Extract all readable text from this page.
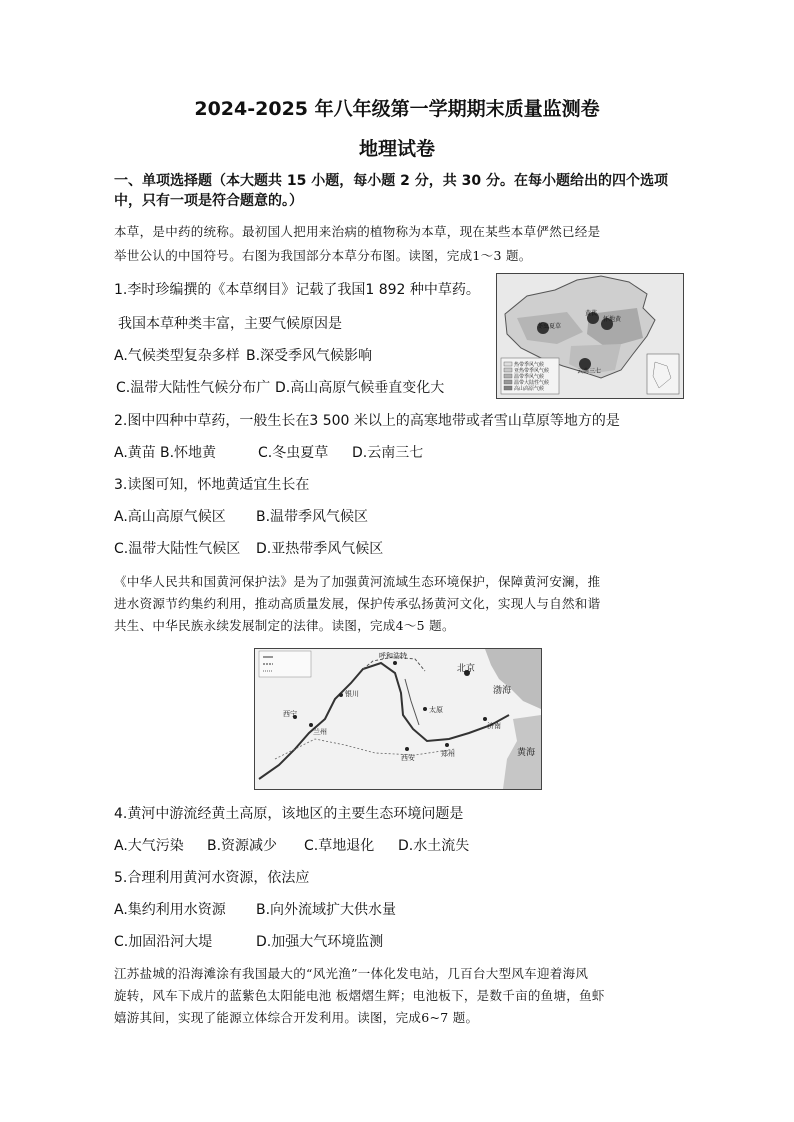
2024-2025 年八年级第一学期期末质量监测卷
地理试卷
一、单项选择题（本大题共 15 小题，每小题 2 分，共 30 分。在每小题给出的四个选项
中，只有一项是符合题意的。）
本草，是中药的统称。最初国人把用来治病的植物称为本草，现在某些本草俨然已经是
举世公认的中国符号。右图为我国部分本草分布图。读图，完成1～3 题。
冬虫夏草
黄芪
怀地黄
云南三七
热带季风气候
亚热带季风气候
温带季风气候
温带大陆性气候
高山高原气候
1.李时珍编撰的《本草纲目》记载了我国1 892 种中草药。
我国本草种类丰富，主要气候原因是
A.气候类型复杂多样 B.深受季风气候影响
C.温带大陆性气候分布广 D.高山高原气候垂直变化大
2.图中四种中草药，一般生长在3 500 米以上的高寒地带或者雪山草原等地方的是
A.黄苗 B.怀地黄	C.冬虫夏草 D.云南三七
3.读图可知，怀地黄适宜生长在
A.高山高原气候区 B.温带季风气候区
C.温带大陆性气候区 D.亚热带季风气候区
《中华人民共和国黄河保护法》是为了加强黄河流域生态环境保护，保障黄河安澜，推
进水资源节约集约利用，推动高质量发展，保护传承弘扬黄河文化，实现人与自然和谐
共生、中华民族永续发展制定的法律。读图，完成4～5 题。
呼和浩特
北京
渤海
黄海
银川
太原
西安	郑州
济南
兰州
西宁
4.黄河中游流经黄土高原，该地区的主要生态环境问题是
A.大气污染 B.资源减少 C.草地退化 D.水土流失
5.合理利用黄河水资源，依法应
A.集约利用水资源 B.向外流域扩大供水量
C.加固沿河大堤	D.加强大气环境监测
江苏盐城的沿海滩涂有我国最大的“风光渔”一体化发电站，几百台大型风车迎着海风
旋转，风车下成片的蓝紫色太阳能电池 板熠熠生辉；电池板下，是数千亩的鱼塘，鱼虾
嬉游其间，实现了能源立体综合开发利用。读图，完成6~7 题。
